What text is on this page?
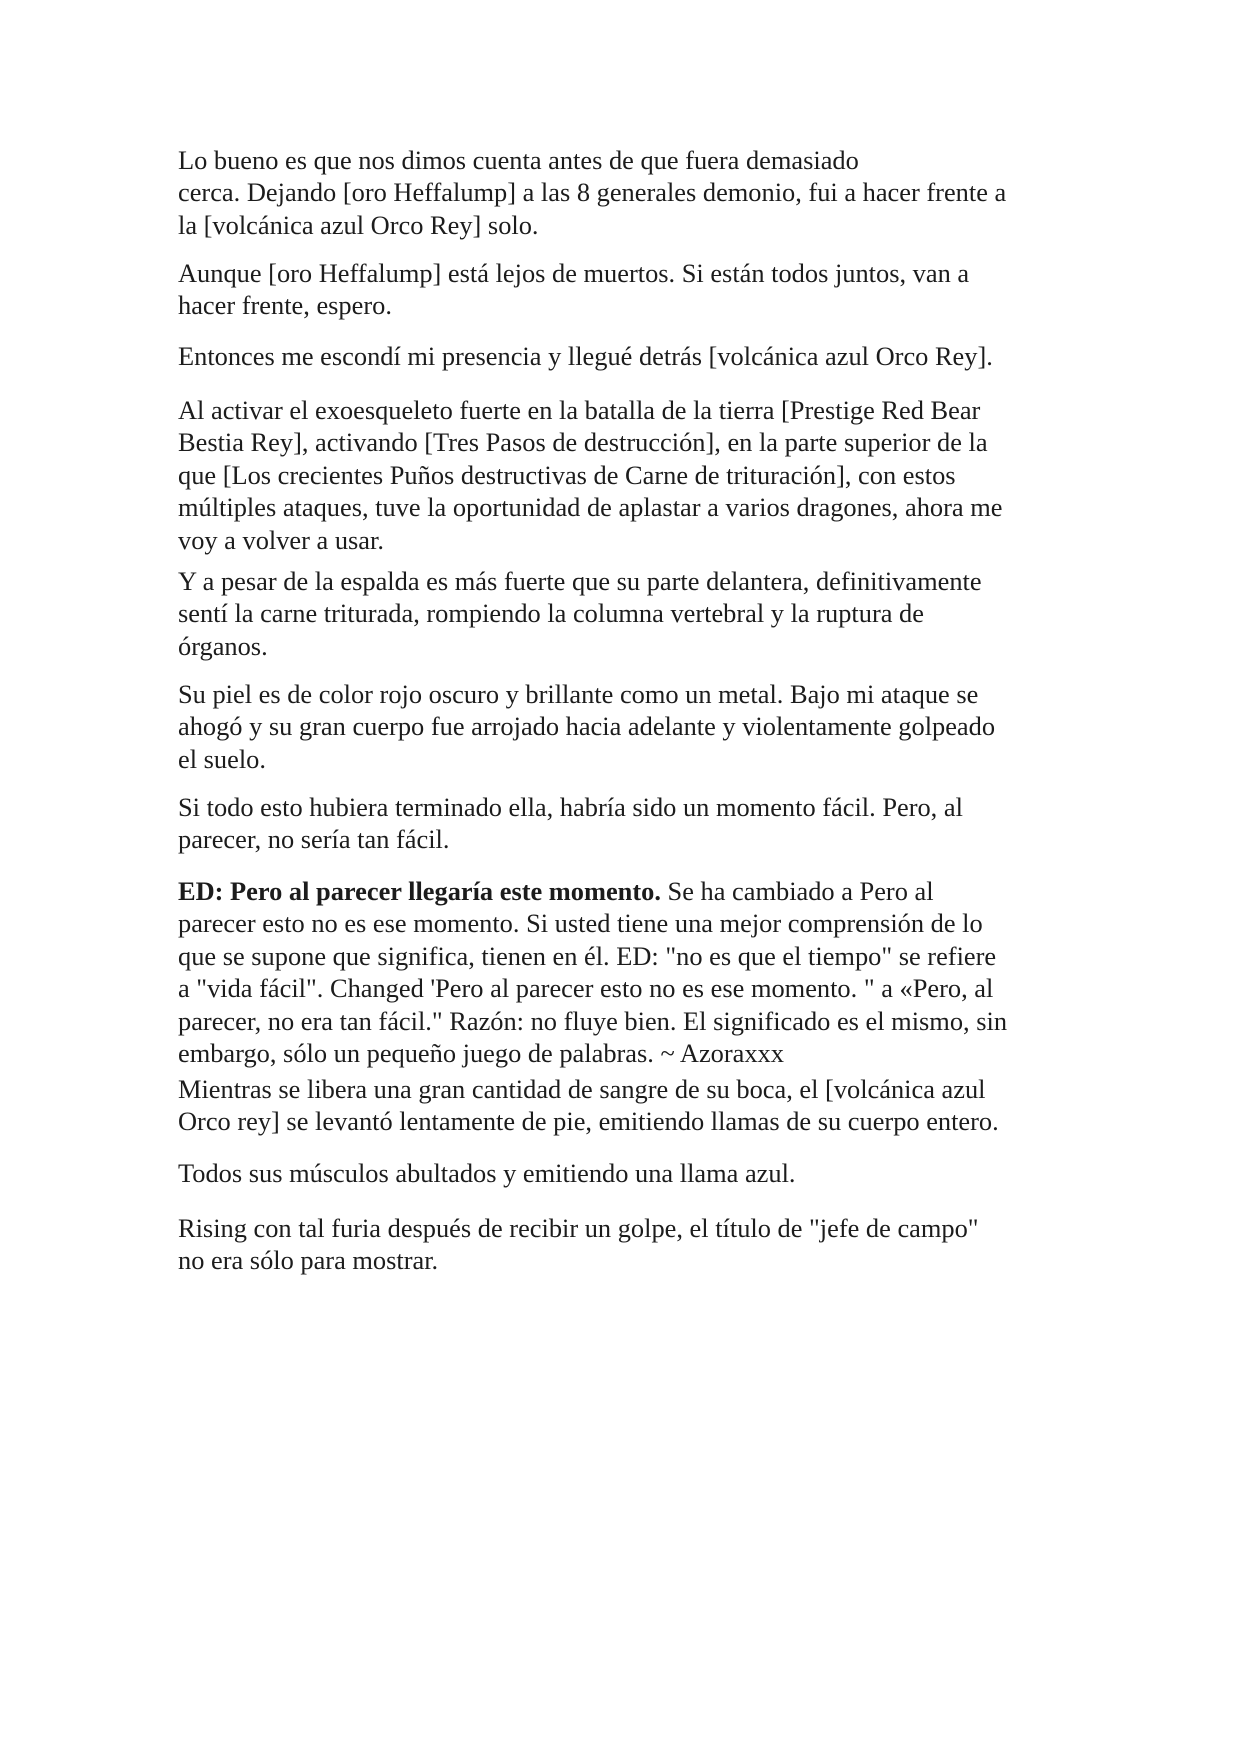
Lo bueno es que nos dimos cuenta antes de que fuera demasiado
cerca. Dejando [oro Heffalump] a las 8 generales demonio, fui a hacer frente a
la [volcánica azul Orco Rey] solo.

Aunque [oro Heffalump] está lejos de muertos. Si están todos juntos, van a
hacer frente, espero.

Entonces me escondí mi presencia y llegué detrás [volcánica azul Orco Rey].

Al activar el exoesqueleto fuerte en la batalla de la tierra [Prestige Red Bear
Bestia Rey], activando [Tres Pasos de destrucción], en la parte superior de la
que [Los crecientes Puños destructivas de Carne de trituración], con estos
múltiples ataques, tuve la oportunidad de aplastar a varios dragones, ahora me
voy a volver a usar.

Y a pesar de la espalda es más fuerte que su parte delantera, definitivamente
sentí la carne triturada, rompiendo la columna vertebral y la ruptura de
órganos.

Su piel es de color rojo oscuro y brillante como un metal. Bajo mi ataque se
ahogó y su gran cuerpo fue arrojado hacia adelante y violentamente golpeado
el suelo.

Si todo esto hubiera terminado ella, habría sido un momento fácil. Pero, al
parecer, no sería tan fácil.

ED: Pero al parecer llegaría este momento. Se ha cambiado a Pero al
parecer esto no es ese momento. Si usted tiene una mejor comprensión de lo
que se supone que significa, tienen en él. ED: "no es que el tiempo" se refiere
a "vida fácil". Changed 'Pero al parecer esto no es ese momento. " a «Pero, al
parecer, no era tan fácil." Razón: no fluye bien. El significado es el mismo, sin
embargo, sólo un pequeño juego de palabras. ~ Azoraxxx

Mientras se libera una gran cantidad de sangre de su boca, el [volcánica azul
Orco rey] se levantó lentamente de pie, emitiendo llamas de su cuerpo entero.

Todos sus músculos abultados y emitiendo una llama azul.

Rising con tal furia después de recibir un golpe, el título de "jefe de campo"
no era sólo para mostrar.
